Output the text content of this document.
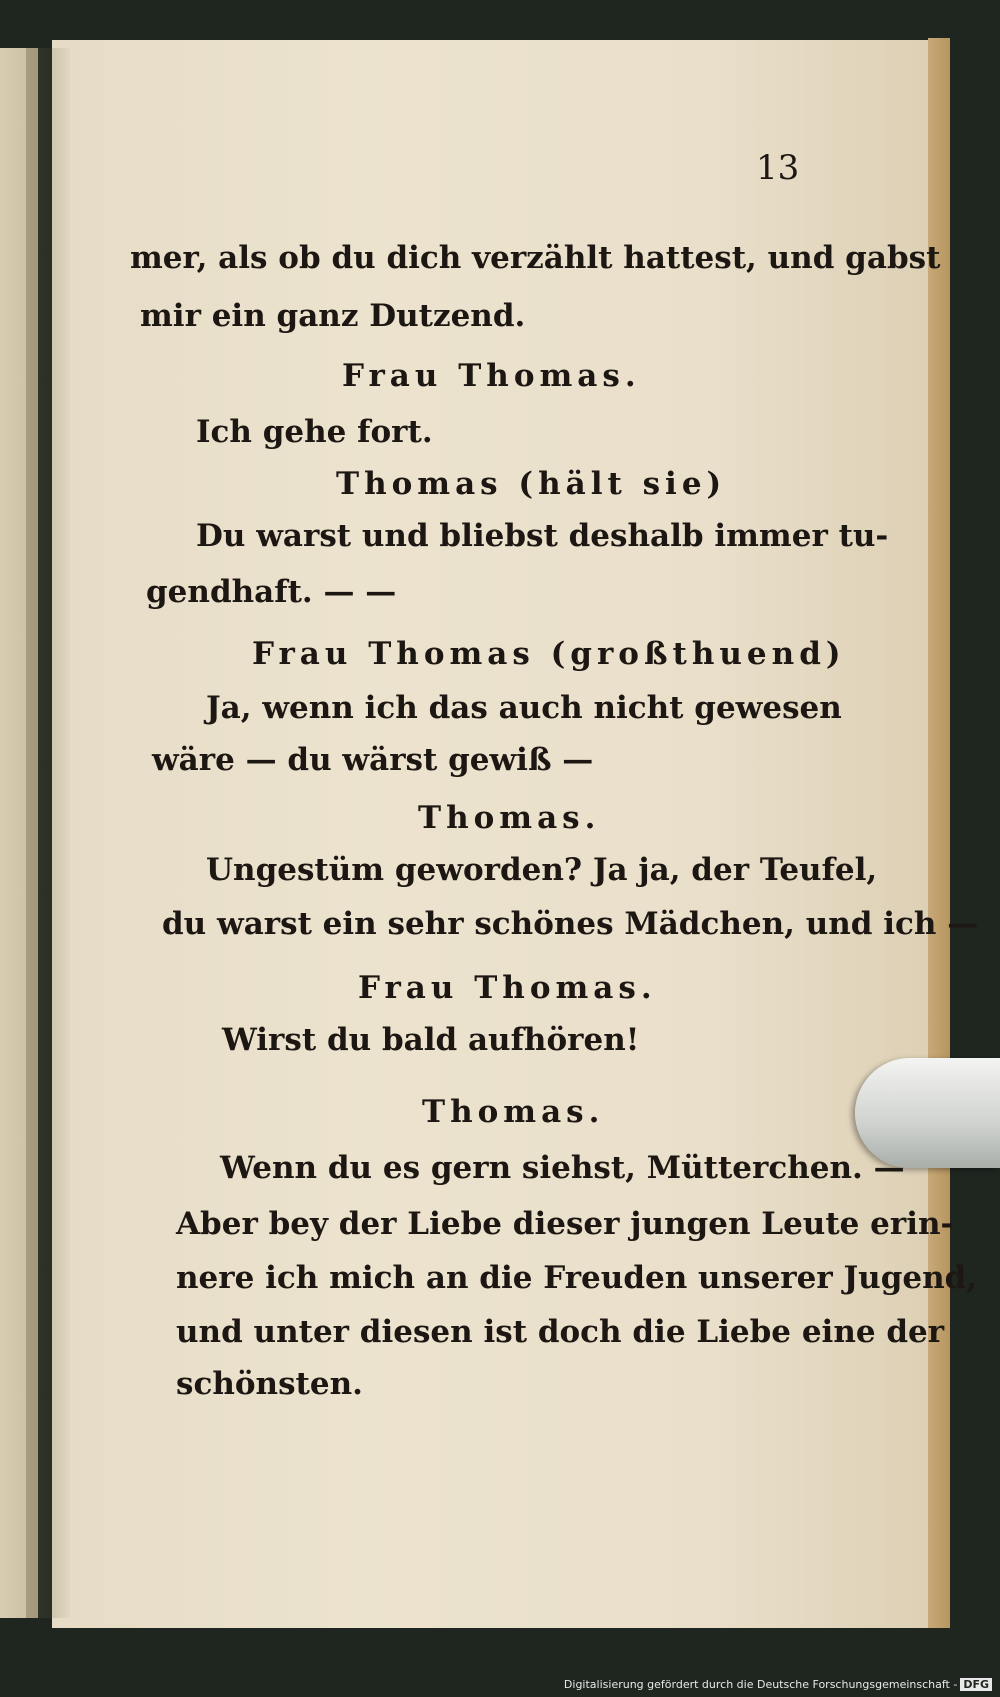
13
mer, als ob du dich verzählt hattest, und gabst
mir ein ganz Dutzend.
Frau Thomas.
Ich gehe fort.
Thomas (hält sie)
Du warst und bliebst deshalb immer tu-
gendhaft. — —
Frau Thomas (großthuend)
Ja, wenn ich das auch nicht gewesen
wäre — du wärst gewiß —
Thomas.
Ungestüm geworden? Ja ja, der Teufel,
du warst ein sehr schönes Mädchen, und ich —
Frau Thomas.
Wirst du bald aufhören!
Thomas.
Wenn du es gern siehst, Mütterchen. —
Aber bey der Liebe dieser jungen Leute erin-
nere ich mich an die Freuden unserer Jugend,
und unter diesen ist doch die Liebe eine der
schönsten.
Digitalisierung gefördert durch die Deutsche Forschungsgemeinschaft - DFG
